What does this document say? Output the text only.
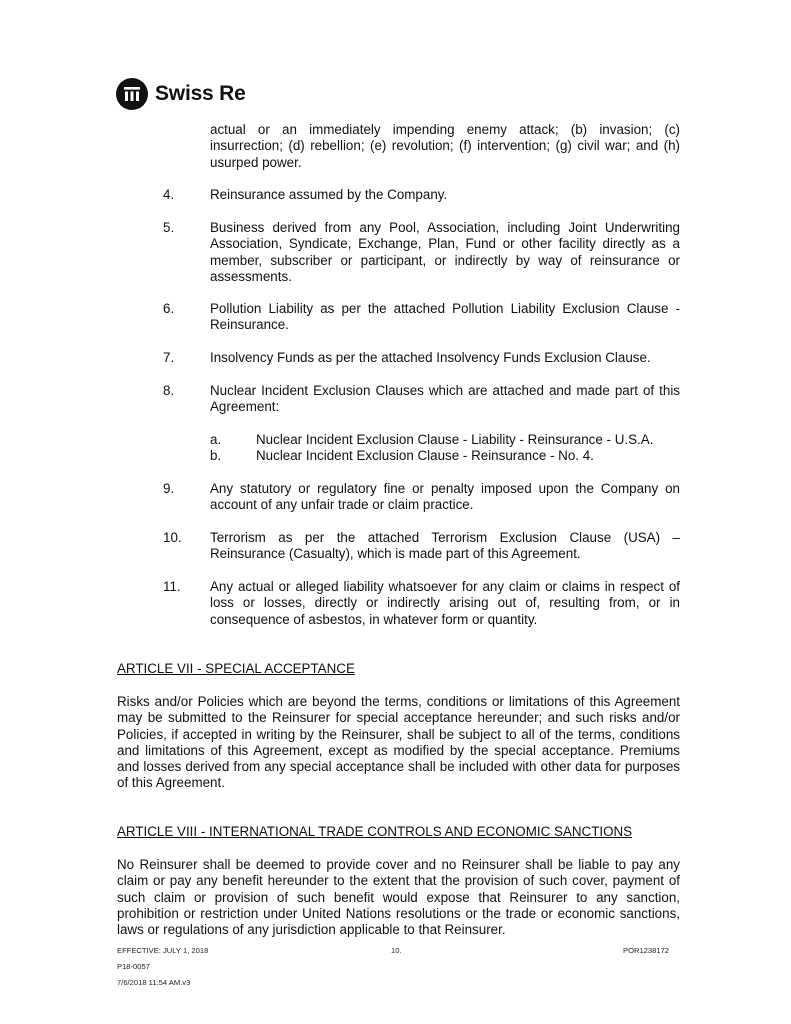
Swiss Re
actual or an immediately impending enemy attack; (b) invasion; (c) insurrection; (d) rebellion; (e) revolution; (f) intervention; (g) civil war; and (h) usurped power.
4.	Reinsurance assumed by the Company.
5.	Business derived from any Pool, Association, including Joint Underwriting Association, Syndicate, Exchange, Plan, Fund or other facility directly as a member, subscriber or participant, or indirectly by way of reinsurance or assessments.
6.	Pollution Liability as per the attached Pollution Liability Exclusion Clause - Reinsurance.
7.	Insolvency Funds as per the attached Insolvency Funds Exclusion Clause.
8.	Nuclear Incident Exclusion Clauses which are attached and made part of this Agreement:
a.	Nuclear Incident Exclusion Clause - Liability - Reinsurance - U.S.A.
b.	Nuclear Incident Exclusion Clause - Reinsurance - No. 4.
9.	Any statutory or regulatory fine or penalty imposed upon the Company on account of any unfair trade or claim practice.
10. Terrorism as per the attached Terrorism Exclusion Clause (USA) – Reinsurance (Casualty), which is made part of this Agreement.
11. Any actual or alleged liability whatsoever for any claim or claims in respect of loss or losses, directly or indirectly arising out of, resulting from, or in consequence of asbestos, in whatever form or quantity.
ARTICLE VII - SPECIAL ACCEPTANCE
Risks and/or Policies which are beyond the terms, conditions or limitations of this Agreement may be submitted to the Reinsurer for special acceptance hereunder; and such risks and/or Policies, if accepted in writing by the Reinsurer, shall be subject to all of the terms, conditions and limitations of this Agreement, except as modified by the special acceptance. Premiums and losses derived from any special acceptance shall be included with other data for purposes of this Agreement.
ARTICLE VIII - INTERNATIONAL TRADE CONTROLS AND ECONOMIC SANCTIONS
No Reinsurer shall be deemed to provide cover and no Reinsurer shall be liable to pay any claim or pay any benefit hereunder to the extent that the provision of such cover, payment of such claim or provision of such benefit would expose that Reinsurer to any sanction, prohibition or restriction under United Nations resolutions or the trade or economic sanctions, laws or regulations of any jurisdiction applicable to that Reinsurer.
EFFECTIVE: JULY 1, 2018	10.	POR1238172
P18-0057
7/6/2018 11:54 AM.v3
